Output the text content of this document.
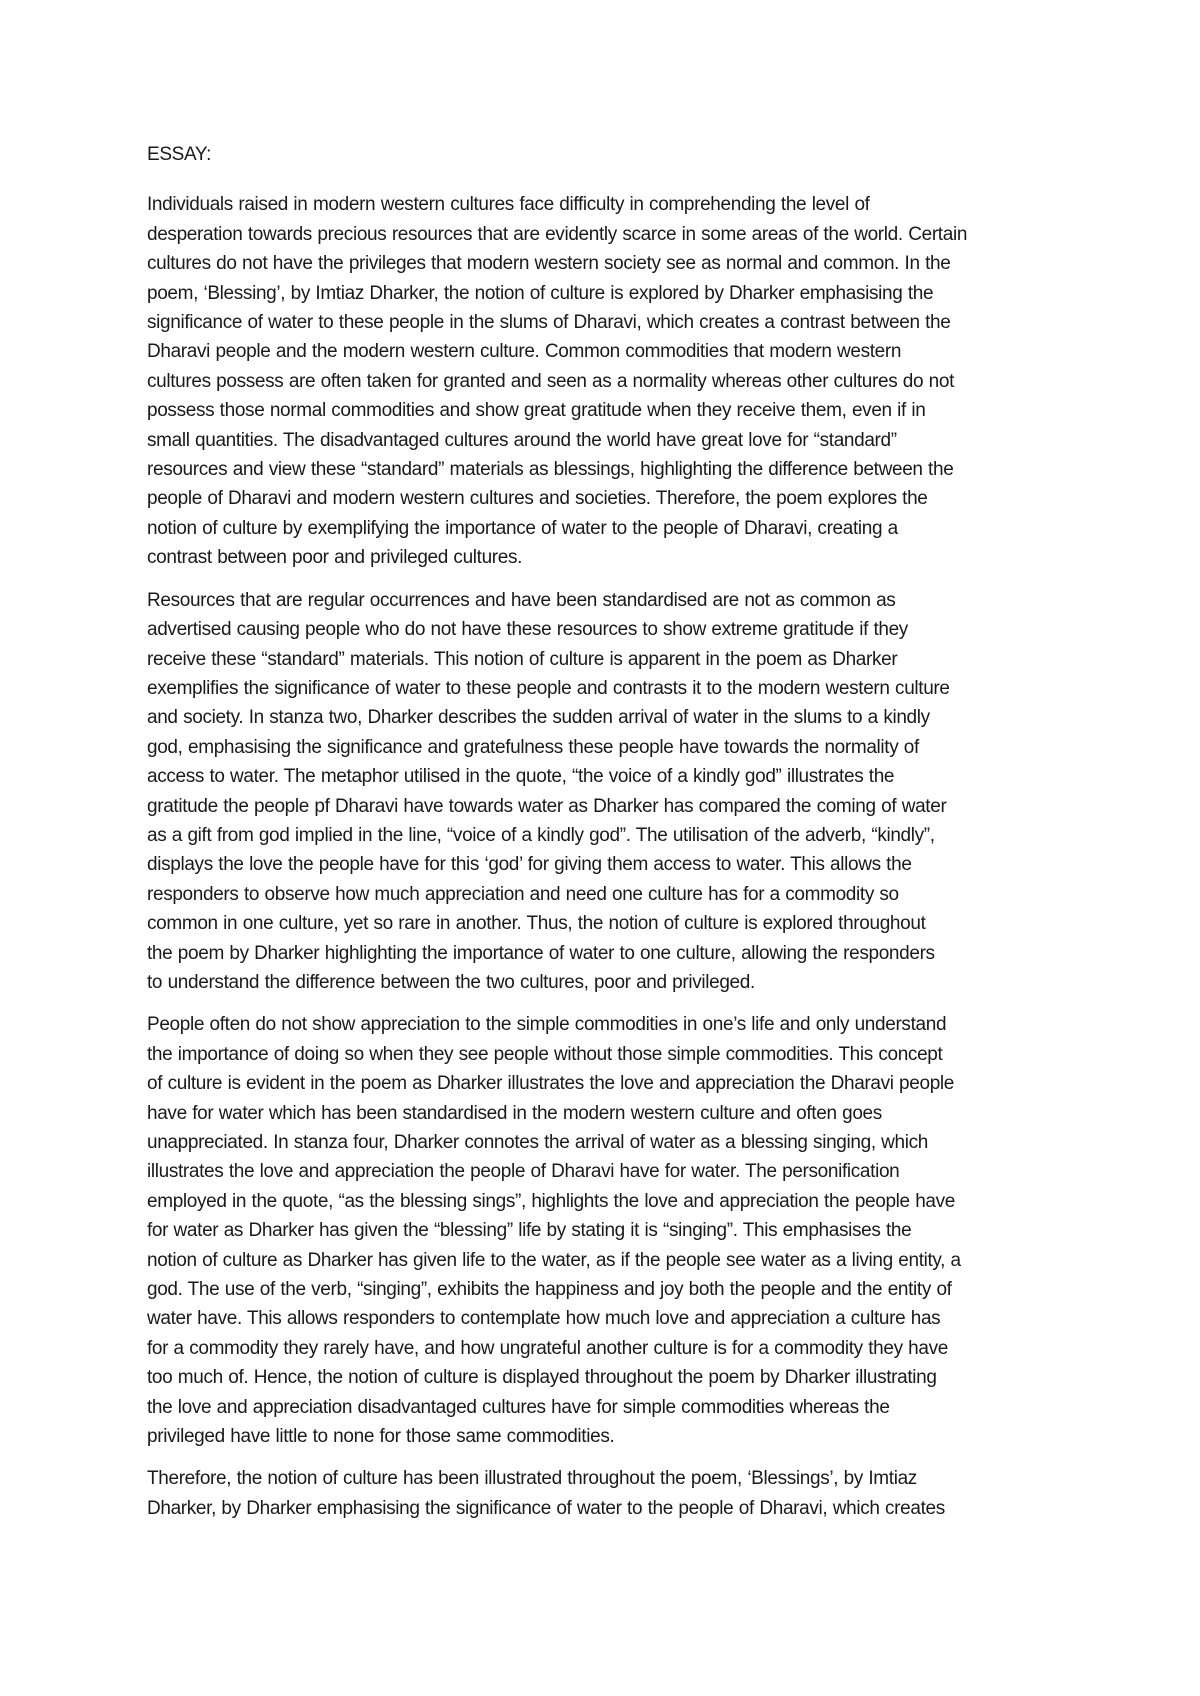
ESSAY:
Individuals raised in modern western cultures face difficulty in comprehending the level of
desperation towards precious resources that are evidently scarce in some areas of the world. Certain
cultures do not have the privileges that modern western society see as normal and common. In the
poem, ‘Blessing’, by Imtiaz Dharker, the notion of culture is explored by Dharker emphasising the
significance of water to these people in the slums of Dharavi, which creates a contrast between the
Dharavi people and the modern western culture. Common commodities that modern western
cultures possess are often taken for granted and seen as a normality whereas other cultures do not
possess those normal commodities and show great gratitude when they receive them, even if in
small quantities. The disadvantaged cultures around the world have great love for “standard”
resources and view these “standard” materials as blessings, highlighting the difference between the
people of Dharavi and modern western cultures and societies. Therefore, the poem explores the
notion of culture by exemplifying the importance of water to the people of Dharavi, creating a
contrast between poor and privileged cultures.
Resources that are regular occurrences and have been standardised are not as common as
advertised causing people who do not have these resources to show extreme gratitude if they
receive these “standard” materials. This notion of culture is apparent in the poem as Dharker
exemplifies the significance of water to these people and contrasts it to the modern western culture
and society. In stanza two, Dharker describes the sudden arrival of water in the slums to a kindly
god, emphasising the significance and gratefulness these people have towards the normality of
access to water. The metaphor utilised in the quote, “the voice of a kindly god” illustrates the
gratitude the people pf Dharavi have towards water as Dharker has compared the coming of water
as a gift from god implied in the line, “voice of a kindly god”. The utilisation of the adverb, “kindly”,
displays the love the people have for this ‘god’ for giving them access to water. This allows the
responders to observe how much appreciation and need one culture has for a commodity so
common in one culture, yet so rare in another. Thus, the notion of culture is explored throughout
the poem by Dharker highlighting the importance of water to one culture, allowing the responders
to understand the difference between the two cultures, poor and privileged.
People often do not show appreciation to the simple commodities in one’s life and only understand
the importance of doing so when they see people without those simple commodities. This concept
of culture is evident in the poem as Dharker illustrates the love and appreciation the Dharavi people
have for water which has been standardised in the modern western culture and often goes
unappreciated. In stanza four, Dharker connotes the arrival of water as a blessing singing, which
illustrates the love and appreciation the people of Dharavi have for water. The personification
employed in the quote, “as the blessing sings”, highlights the love and appreciation the people have
for water as Dharker has given the “blessing” life by stating it is “singing”. This emphasises the
notion of culture as Dharker has given life to the water, as if the people see water as a living entity, a
god. The use of the verb, “singing”, exhibits the happiness and joy both the people and the entity of
water have. This allows responders to contemplate how much love and appreciation a culture has
for a commodity they rarely have, and how ungrateful another culture is for a commodity they have
too much of. Hence, the notion of culture is displayed throughout the poem by Dharker illustrating
the love and appreciation disadvantaged cultures have for simple commodities whereas the
privileged have little to none for those same commodities.
Therefore, the notion of culture has been illustrated throughout the poem, ‘Blessings’, by Imtiaz
Dharker, by Dharker emphasising the significance of water to the people of Dharavi, which creates
